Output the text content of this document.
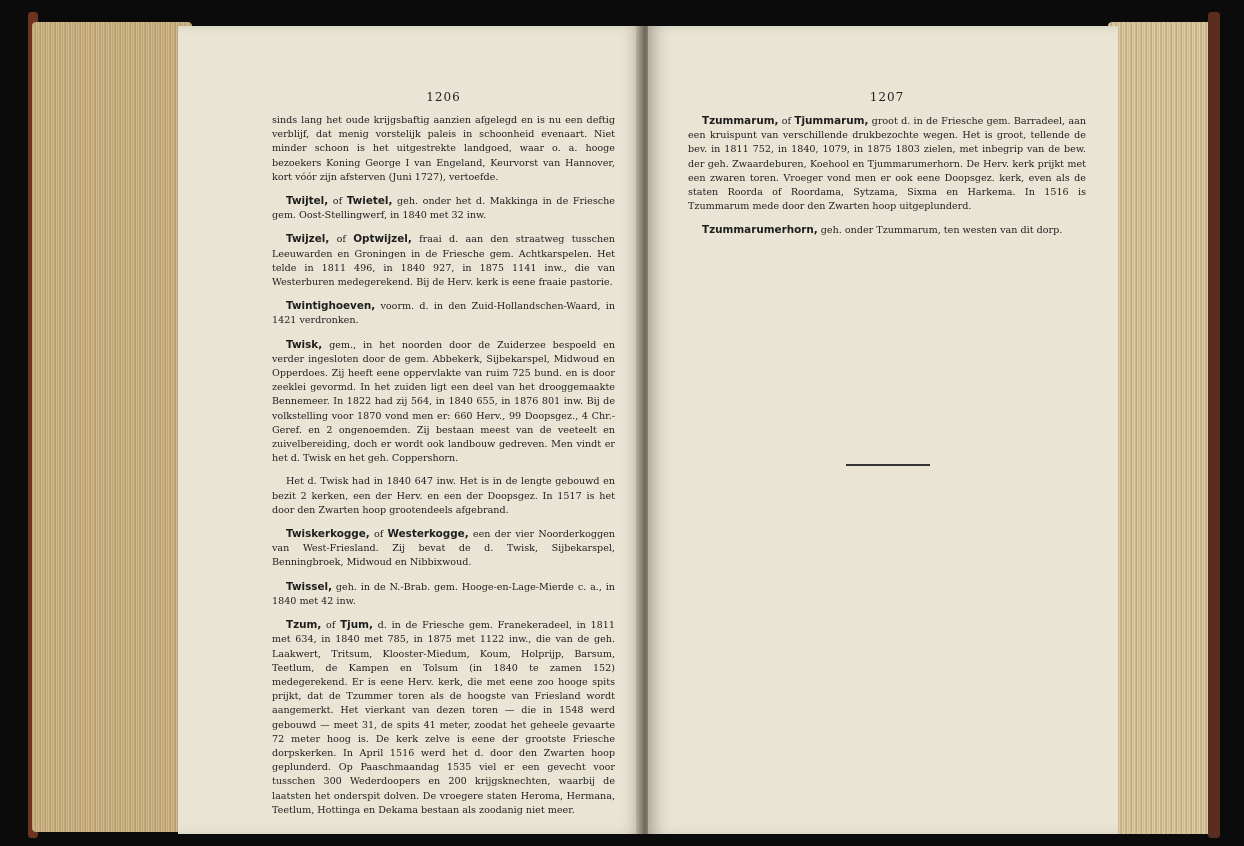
1206

sinds lang het oude krijgsbaftig aanzien afgelegd en is nu een deftig verblijf, dat menig vorstelijk paleis in schoonheid evenaart. Niet minder schoon is het uitgestrekte landgoed, waar o. a. hooge bezoekers Koning George I van Engeland, Keurvorst van Hannover, kort vóór zijn afsterven (Juni 1727), vertoefde.

Twijtel, of Twietel, geh. onder het d. Makkinga in de Friesche gem. Oost-Stellingwerf, in 1840 met 32 inw.

Twijzel, of Optwijzel, fraai d. aan den straatweg tusschen Leeuwarden en Groningen in de Friesche gem. Achtkarspelen. Het telde in 1811 496, in 1840 927, in 1875 1141 inw., die van Westerburen medegerekend. Bij de Herv. kerk is eene fraaie pastorie.

Twintighoeven, voorm. d. in den Zuid-Hollandschen-Waard, in 1421 verdronken.

Twisk, gem., in het noorden door de Zuiderzee bespoeld en verder ingesloten door de gem. Abbekerk, Sijbekarspel, Midwoud en Opperdoes. Zij heeft eene oppervlakte van ruim 725 bund. en is door zeeklei gevormd. In het zuiden ligt een deel van het drooggemaakte Bennemeer. In 1822 had zij 564, in 1840 655, in 1876 801 inw. Bij de volkstelling voor 1870 vond men er: 660 Herv., 99 Doopsgez., 4 Chr.-Geref. en 2 ongenoemden. Zij bestaan meest van de veeteelt en zuivelbereiding, doch er wordt ook landbouw gedreven. Men vindt er het d. Twisk en het geh. Coppershorn.

Het d. Twisk had in 1840 647 inw. Het is in de lengte gebouwd en bezit 2 kerken, een der Herv. en een der Doopsgez. In 1517 is het door den Zwarten hoop grootendeels afgebrand.

Twiskerkogge, of Westerkogge, een der vier Noorderkoggen van West-Friesland. Zij bevat de d. Twisk, Sijbekarspel, Benningbroek, Midwoud en Nibbixwoud.

Twissel, geh. in de N.-Brab. gem. Hooge-en-Lage-Mierde c. a., in 1840 met 42 inw.

Tzum, of Tjum, d. in de Friesche gem. Franekeradeel, in 1811 met 634, in 1840 met 785, in 1875 met 1122 inw., die van de geh. Laakwert, Tritsum, Klooster-Miedum, Koum, Holprijp, Barsum, Teetlum, de Kampen en Tolsum (in 1840 te zamen 152) medegerekend. Er is eene Herv. kerk, die met eene zoo hooge spits prijkt, dat de Tzummer toren als de hoogste van Friesland wordt aangemerkt. Het vierkant van dezen toren — die in 1548 werd gebouwd — meet 31, de spits 41 meter, zoodat het geheele gevaarte 72 meter hoog is. De kerk zelve is eene der grootste Friesche dorpskerken. In April 1516 werd het d. door den Zwarten hoop geplunderd. Op Paaschmaandag 1535 viel er een gevecht voor tusschen 300 Wederdoopers en 200 krijgsknechten, waarbij de laatsten het onderspit dolven. De vroegere staten Heroma, Hermana, Teetlum, Hottinga en Dekama bestaan als zoodanig niet meer.

1207

Tzummarum, of Tjummarum, groot d. in de Friesche gem. Barradeel, aan een kruispunt van verschillende drukbezochte wegen. Het is groot, tellende de bev. in 1811 752, in 1840, 1079, in 1875 1803 zielen, met inbegrip van de bew. der geh. Zwaardeburen, Koehool en Tjummarumerhorn. De Herv. kerk prijkt met een zwaren toren. Vroeger vond men er ook eene Doopsgez. kerk, even als de staten Roorda of Roordama, Sytzama, Sixma en Harkema. In 1516 is Tzummarum mede door den Zwarten hoop uitgeplunderd.

Tzummarumerhorn, geh. onder Tzummarum, ten westen van dit dorp.
